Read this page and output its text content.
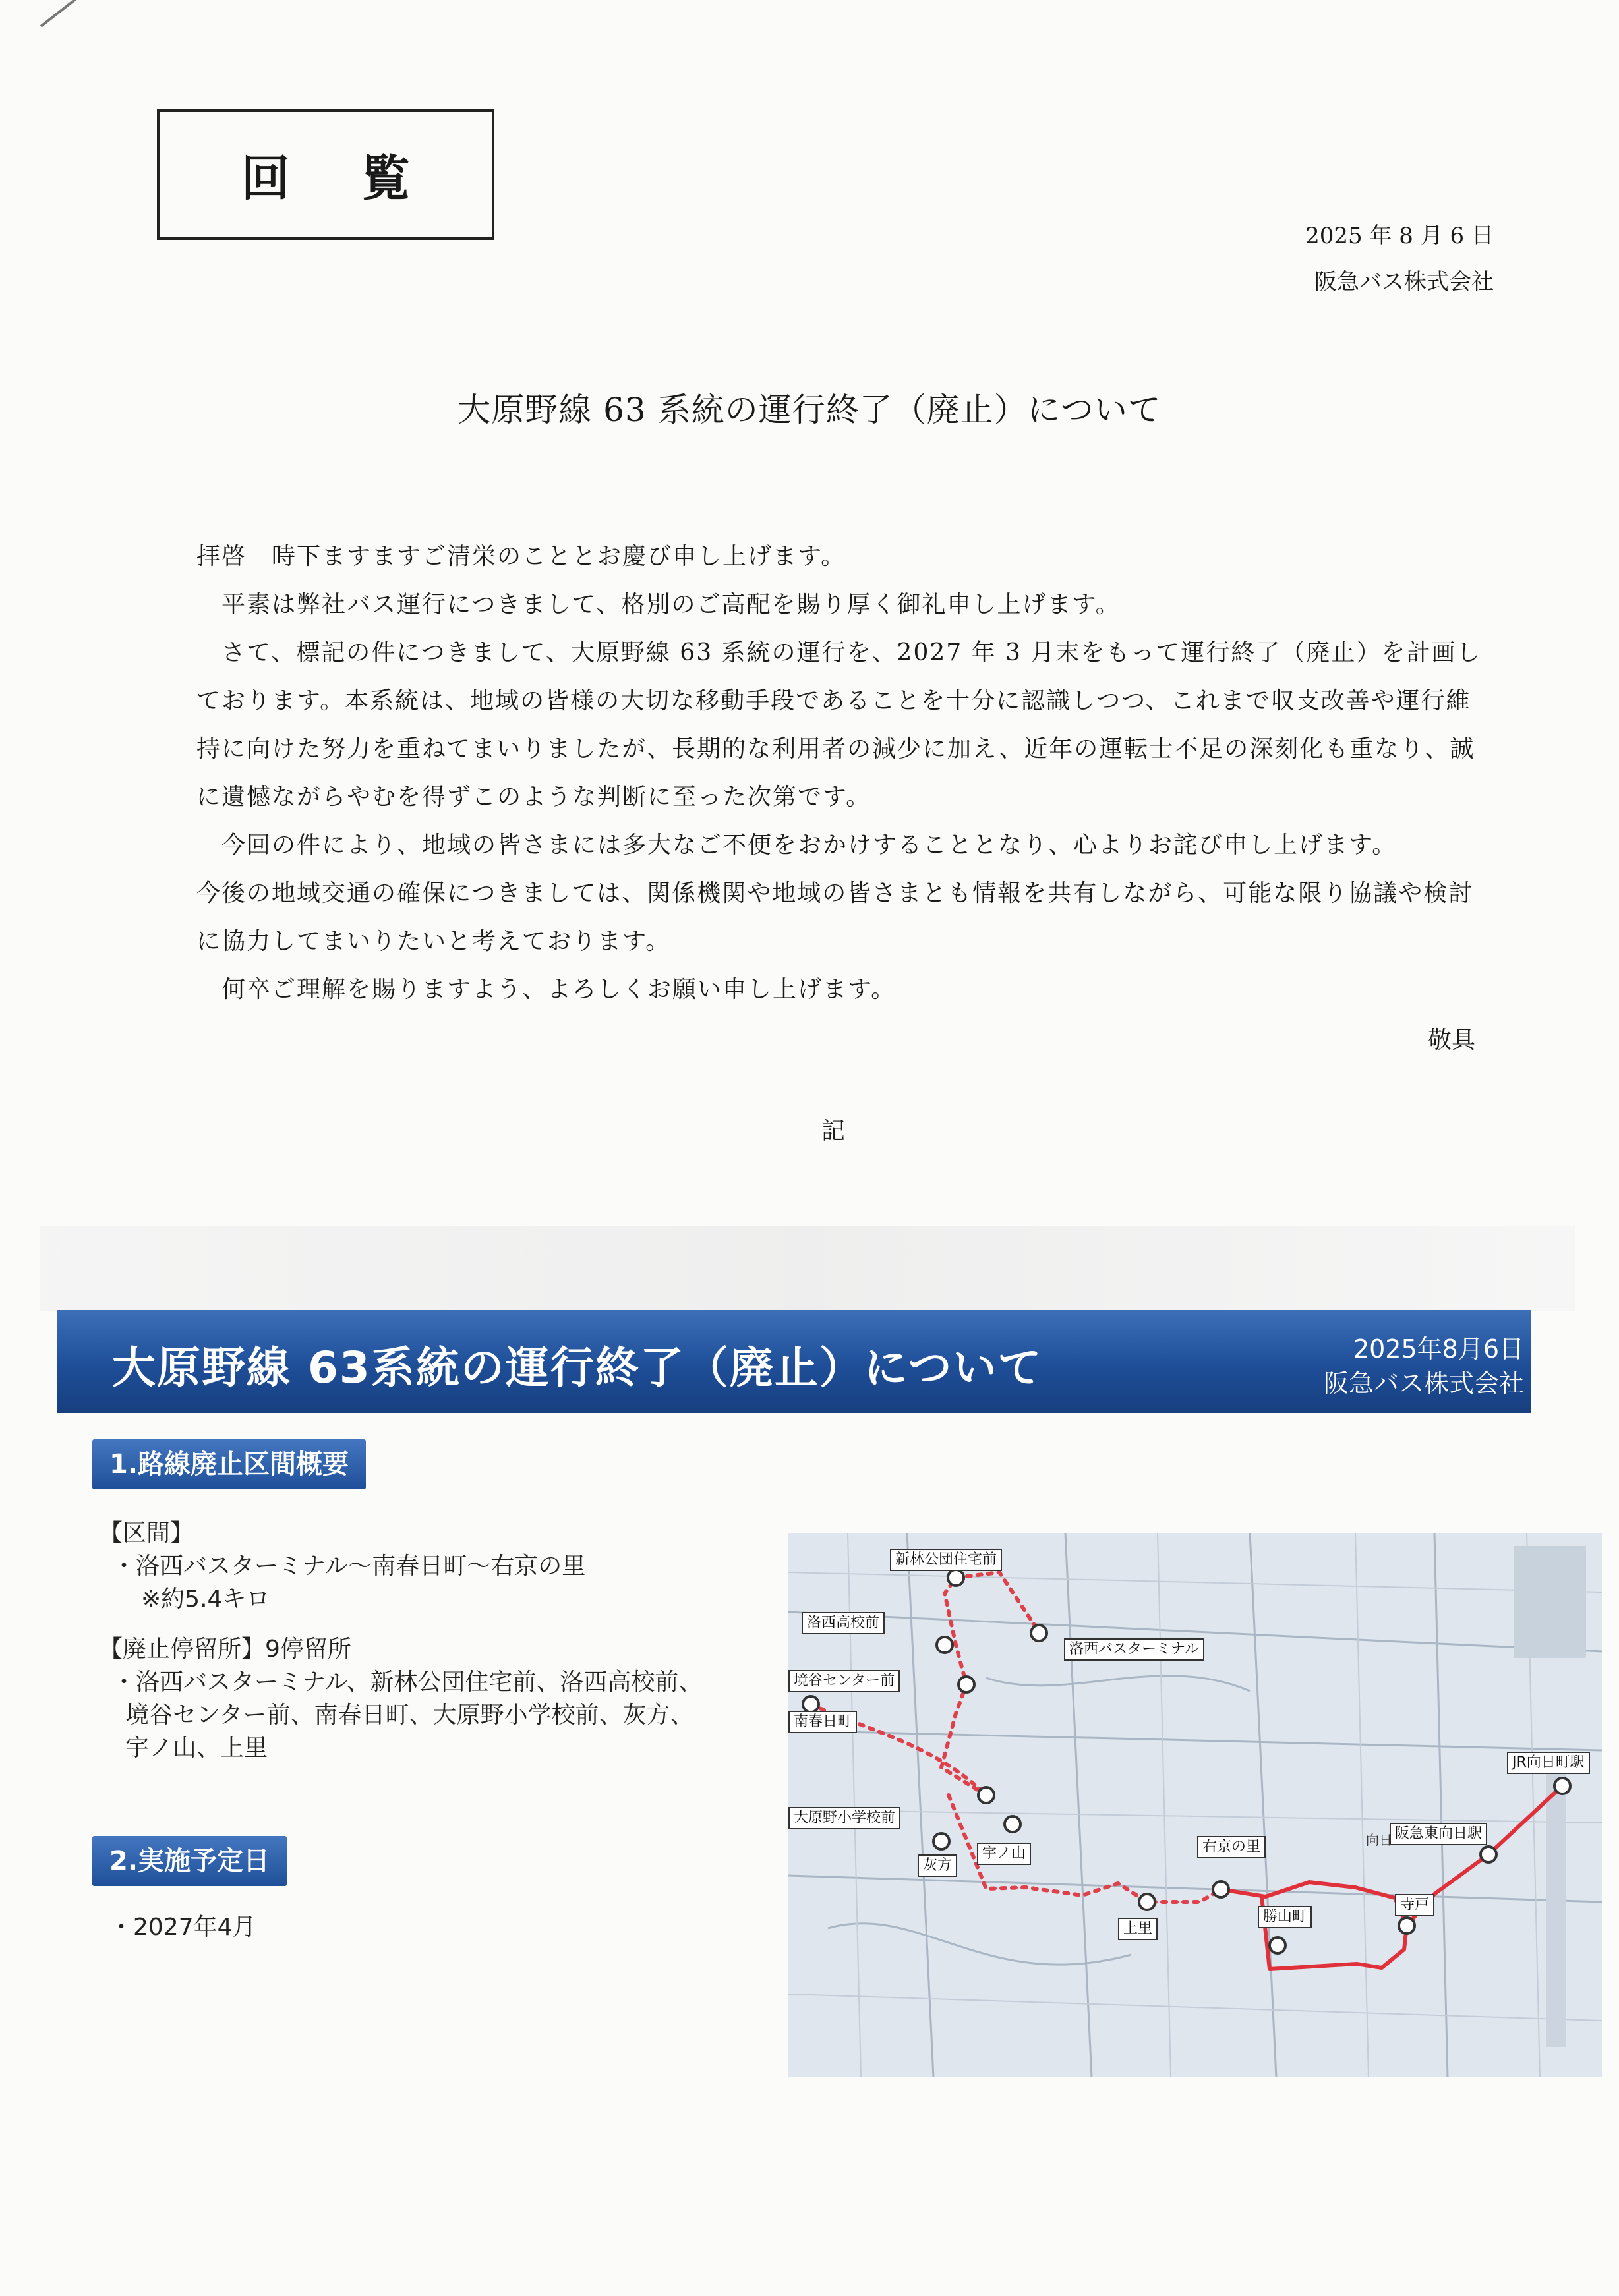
回覧
2025 年 8 月 6 日
阪急バス株式会社
大原野線 63 系統の運行終了（廃止）について

拝啓　時下ますますご清栄のこととお慶び申し上げます。

　平素は弊社バス運行につきまして、格別のご高配を賜り厚く御礼申し上げます。

　さて、標記の件につきまして、大原野線 63 系統の運行を、2027 年 3 月末をもって運行終了（廃止）を計画しております。本系統は、地域の皆様の大切な移動手段であることを十分に認識しつつ、これまで収支改善や運行維持に向けた努力を重ねてまいりましたが、長期的な利用者の減少に加え、近年の運転士不足の深刻化も重なり、誠に遺憾ながらやむを得ずこのような判断に至った次第です。

　今回の件により、地域の皆さまには多大なご不便をおかけすることとなり、心よりお詫び申し上げます。

今後の地域交通の確保につきましては、関係機関や地域の皆さまとも情報を共有しながら、可能な限り協議や検討に協力してまいりたいと考えております。

　何卒ご理解を賜りますよう、よろしくお願い申し上げます。

敬具
記
大原野線 63系統の運行終了（廃止）について	2025年8月6日
阪急バス株式会社
1.路線廃止区間概要
【区間】
・洛西バスターミナル～南春日町～右京の里
※約5.4キロ
【廃止停留所】9停留所
・洛西バスターミナル、新林公団住宅前、洛西高校前、
境谷センター前、南春日町、大原野小学校前、灰方、
宇ノ山、上里
2.実施予定日
・2027年4月
新林公団住宅前
洛西高校前
洛西バスターミナル
境谷センター前
南春日町
大原野小学校前
灰方
宇ノ山
上里
右京の里
勝山町
寺戸
阪急東向日駅
JR向日町駅
向日
